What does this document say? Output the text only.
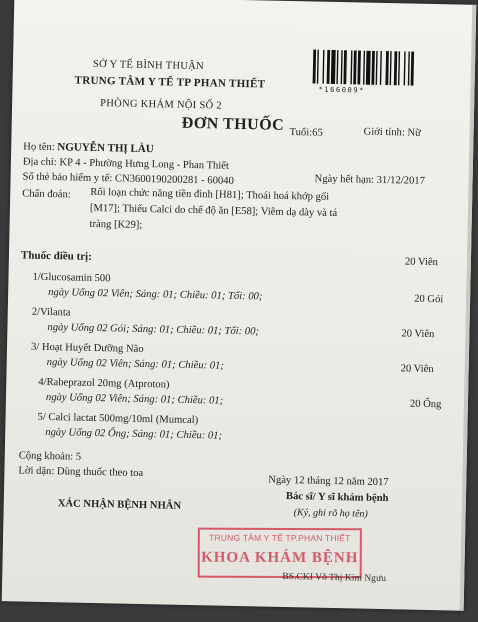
SỞ Y TẾ BÌNH THUẬN
TRUNG TÂM Y TẾ TP PHAN THIẾT
PHÒNG KHÁM NỘI SỐ 2
ĐƠN THUỐC
*166009*
Tuổi:65	Giới tính: Nữ
Họ tên: NGUYỄN THỊ LÀU
Địa chỉ: KP 4 - Phường Hưng Long - Phan Thiết
Số thẻ bảo hiểm y tế: CN3600190200281 - 60040	Ngày hết hạn: 31/12/2017
Chẩn đoán: Rối loạn chức năng tiền đình [H81]; Thoái hoá khớp gối
[M17]; Thiếu Calci do chế độ ăn [E58]; Viêm dạ dày và tá
tràng [K29];
Thuốc điều trị:	20 Viên
1/Glucosamin 500
ngày Uống 02 Viên; Sáng: 01; Chiều: 01; Tối: 00;	20 Gói
2/Vilanta
ngày Uống 02 Gói; Sáng: 01; Chiều: 01; Tối: 00;	20 Viên
3/ Hoạt Huyết Dưỡng Não
ngày Uống 02 Viên; Sáng: 01; Chiều: 01;	20 Viên
4/Rabeprazol 20mg (Atproton)
ngày Uống 02 Viên; Sáng: 01; Chiều: 01;	20 Ống
5/ Calci lactat 500mg/10ml (Mumcal)
ngày Uống 02 Ống; Sáng: 01; Chiều: 01;
Cộng khoản: 5
Lời dặn: Dùng thuốc theo toa
Ngày 12 tháng 12 năm 2017
XÁC NHẬN BỆNH NHÂN
Bác sĩ/ Y sĩ khám bệnh
(Ký, ghi rõ họ tên)
TRUNG TÂM Y TẾ TP.PHAN THIẾT
KHOA KHÁM BỆNH
BS.CKI Võ Thị Kim Ngưu
